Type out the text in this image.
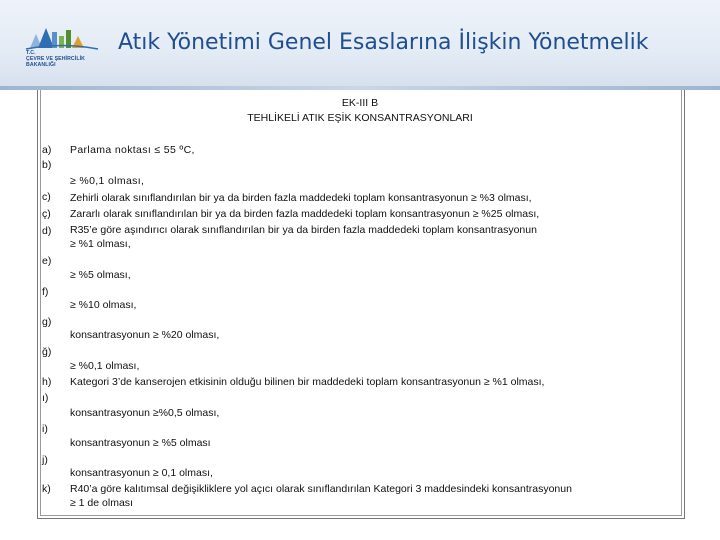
T.C.
ÇEVRE VE ŞEHİRCİLİK
BAKANLIĞI
Atık Yönetimi Genel Esaslarına İlişkin Yönetmelik
EK-III B
TEHLİKELİ ATIK EŞİK KONSANTRASYONLARI
a)
b)
c)
ç)
d)
e)
f)
g)
ğ)
h)
ı)
i)
j)
k)
Parlama noktası ≤ 55 ºC,
≥ %0,1 olması,
Zehirli olarak sınıflandırılan bir ya da birden fazla maddedeki toplam konsantrasyonun ≥ %3 olması,
Zararlı olarak sınıflandırılan bir ya da birden fazla maddedeki toplam konsantrasyonun ≥ %25 olması,
R35’e göre aşındırıcı olarak sınıflandırılan bir ya da birden fazla maddedeki toplam konsantrasyonun
≥ %1 olması,
≥ %5 olması,
≥ %10 olması,
konsantrasyonun ≥ %20 olması,
≥ %0,1 olması,
Kategori 3’de kanserojen etkisinin olduğu bilinen bir maddedeki toplam konsantrasyonun ≥ %1 olması,
konsantrasyonun ≥%0,5 olması,
konsantrasyonun ≥ %5 olması
konsantrasyonun ≥ 0,1 olması,
R40’a göre kalıtımsal değişikliklere yol açıcı olarak sınıflandırılan Kategori 3 maddesindeki konsantrasyonun
≥ 1 de olması
